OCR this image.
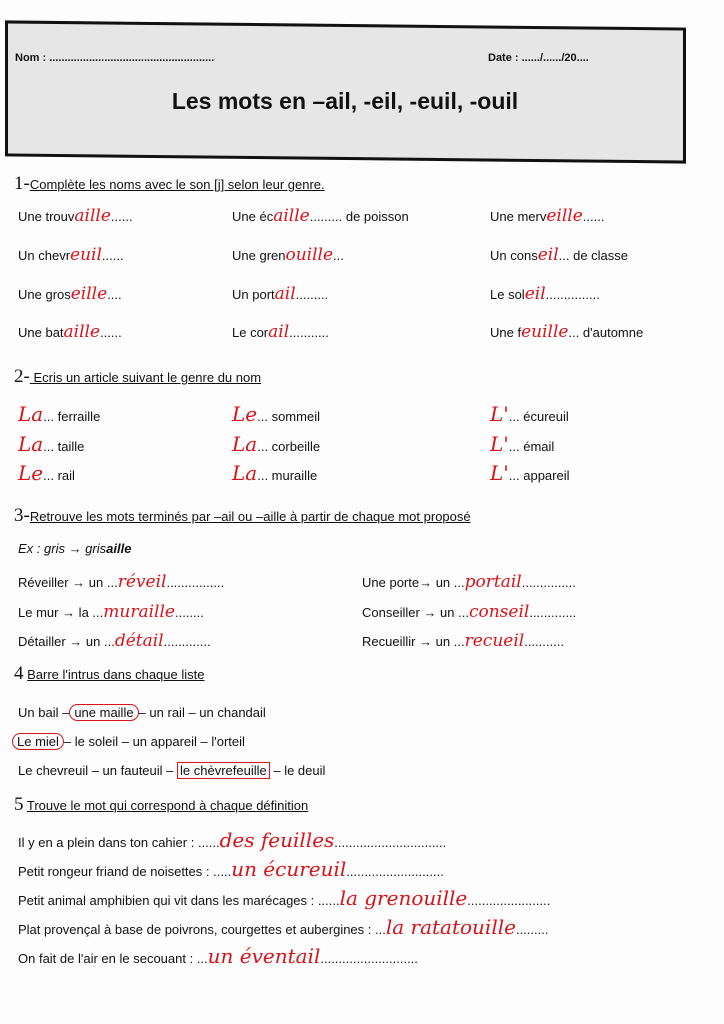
Nom : ......................................................	Date : ....../....../20....
Les mots en –ail, -eil, -euil, -ouil
1-Complète les noms avec le son [j] selon leur genre.
Une trouvaille......	Une écaille......... de poisson	Une merveille......
Un chevreuil......	Une grenouille...	Un conseil... de classe
Une groseille....	Un portail.........	Le soleil...............
Une bataille......	Le corail...........	Une feuille... d'automne
2- Ecris un article suivant le genre du nom
La... ferraille	Le... sommeil	L'... écureuil
La... taille	La... corbeille	L'... émail
Le... rail	La... muraille	L'... appareil
3-Retrouve les mots terminés par –ail ou –aille à partir de chaque mot proposé
Ex : gris → grisaille
Réveiller → un ...réveil................	Une porte→ un ...portail...............
Le mur → la ...muraille........	Conseiller → un ...conseil.............
Détailler → un ...détail.............	Recueillir → un ...recueil...........
4 Barre l'intrus dans chaque liste
Un bail – une maille – un rail – un chandail
Le miel – le soleil – un appareil – l'orteil
Le chevreuil – un fauteuil – le chèvrefeuille – le deuil
5 Trouve le mot qui correspond à chaque définition
Il y en a plein dans ton cahier : ......des feuilles...............................
Petit rongeur friand de noisettes : .....un écureuil...........................
Petit animal amphibien qui vit dans les marécages : ......la grenouille.......................
Plat provençal à base de poivrons, courgettes et aubergines : ...la ratatouille.........
On fait de l'air en le secouant : ...un éventail...........................
